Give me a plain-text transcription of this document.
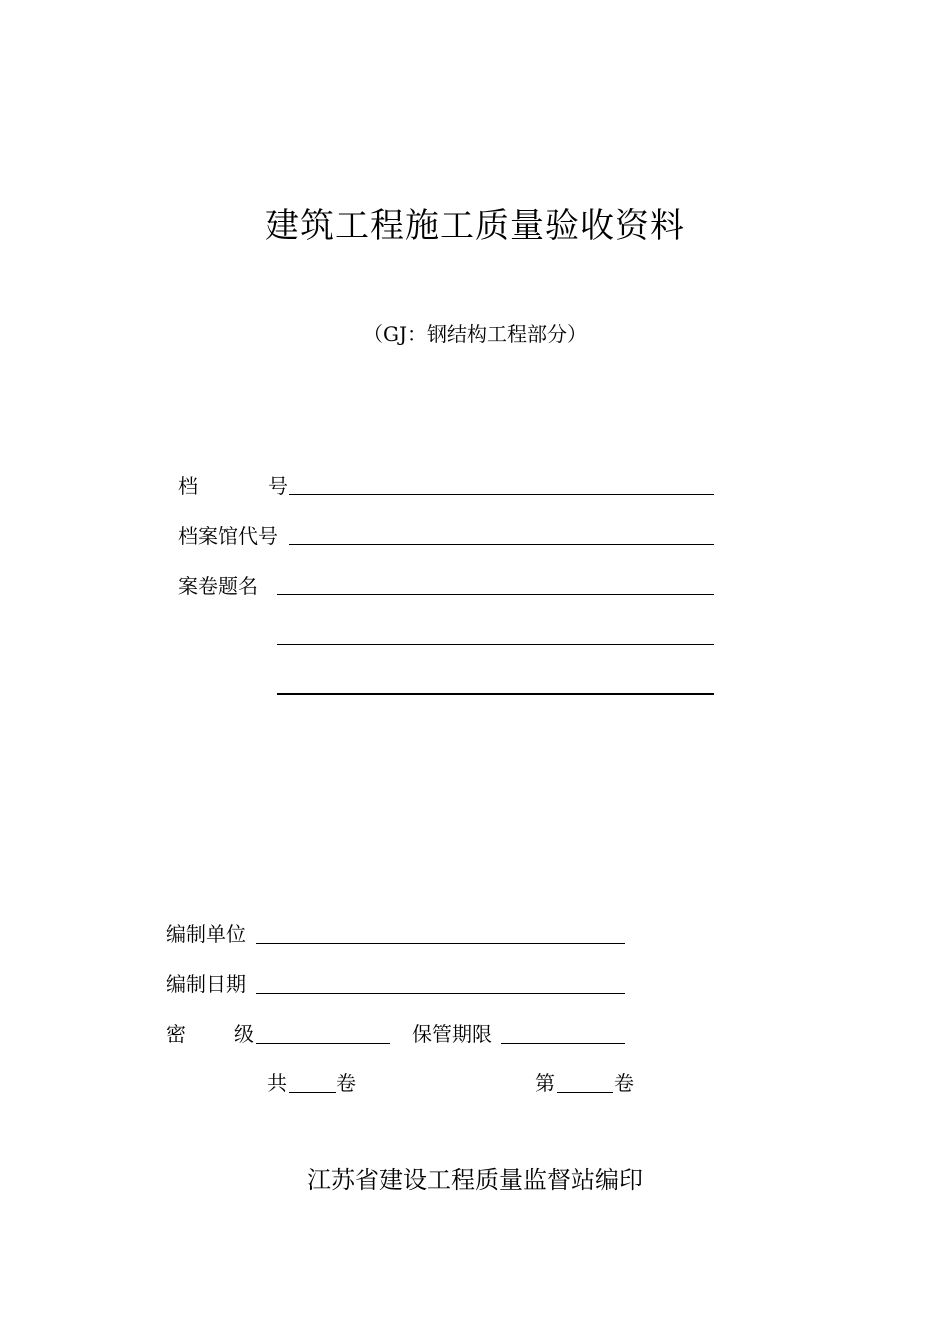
建筑工程施工质量验收资料
（GJ：钢结构工程部分）
档	号
档案馆代号
案卷题名
编制单位
编制日期
密 级	保管期限
共 卷	第	卷
江苏省建设工程质量监督站编印
